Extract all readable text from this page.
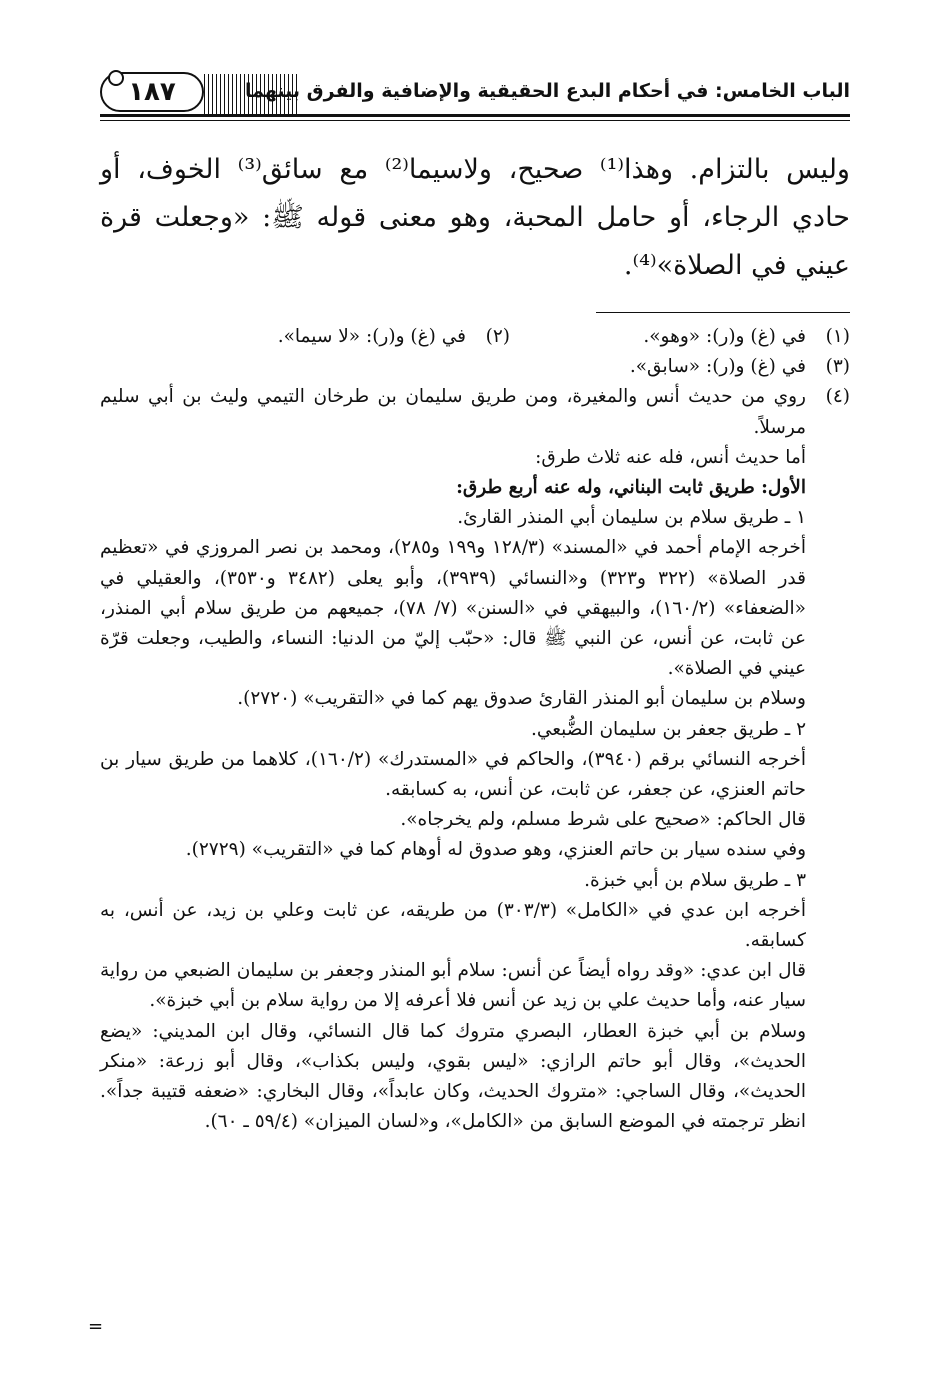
١٨٧	الباب الخامس: في أحكام البدع الحقيقية والإضافية والفرق بينهما

وليس بالتزام. وهذا⁽¹⁾ صحيح، ولاسيما⁽²⁾ مع سائق⁽³⁾ الخوف، أو حادي الرجاء، أو حامل المحبة، وهو معنى قوله ﷺ: «وجعلت قرة عيني في الصلاة»⁽⁴⁾.

(١)
في (غ) و(ر): «وهو».
(٢)
في (غ) و(ر): «لا سيما».
(٣)
في (غ) و(ر): «سابق».
(٤)

روي من حديث أنس والمغيرة، ومن طريق سليمان بن طرخان التيمي وليث بن أبي سليم مرسلاً.

أما حديث أنس، فله عنه ثلاث طرق:

الأول: طريق ثابت البناني، وله عنه أربع طرق:

١ ـ طريق سلام بن سليمان أبي المنذر القارئ.

أخرجه الإمام أحمد في «المسند» (١٢٨/٣ و١٩٩ و٢٨٥)، ومحمد بن نصر المروزي في «تعظيم قدر الصلاة» (٣٢٢ و٣٢٣) و«النسائي (٣٩٣٩)، وأبو يعلى (٣٤٨٢ و٣٥٣٠)، والعقيلي في «الضعفاء» (١٦٠/٢)، والبيهقي في «السنن» (٧/ ٧٨)، جميعهم من طريق سلام أبي المنذر، عن ثابت، عن أنس، عن النبي ﷺ قال: «حبّب إليّ من الدنيا: النساء، والطيب، وجعلت قرّة عيني في الصلاة».

وسلام بن سليمان أبو المنذر القارئ صدوق يهم كما في «التقريب» (٢٧٢٠).

٢ ـ طريق جعفر بن سليمان الضُّبعي.

أخرجه النسائي برقم (٣٩٤٠)، والحاكم في «المستدرك» (١٦٠/٢)، كلاهما من طريق سيار بن حاتم العنزي، عن جعفر، عن ثابت، عن أنس، به كسابقه.

قال الحاكم: «صحيح على شرط مسلم، ولم يخرجاه».

وفي سنده سيار بن حاتم العنزي، وهو صدوق له أوهام كما في «التقريب» (٢٧٢٩).

٣ ـ طريق سلام بن أبي خبزة.

أخرجه ابن عدي في «الكامل» (٣٠٣/٣) من طريقه، عن ثابت وعلي بن زيد، عن أنس، به كسابقه.

قال ابن عدي: «وقد رواه أيضاً عن أنس: سلام أبو المنذر وجعفر بن سليمان الضبعي من رواية سيار عنه، وأما حديث علي بن زيد عن أنس فلا أعرفه إلا من رواية سلام بن أبي خبزة».

وسلام بن أبي خبزة العطار، البصري متروك كما قال النسائي، وقال ابن المديني: «يضع الحديث»، وقال أبو حاتم الرازي: «ليس بقوي، وليس بكذاب»، وقال أبو زرعة: «منكر الحديث»، وقال الساجي: «متروك الحديث، وكان عابداً»، وقال البخاري: «ضعفه قتيبة جداً». انظر ترجمته في الموضع السابق من «الكامل»، و«لسان الميزان» (٥٩/٤ ـ ٦٠).

=
